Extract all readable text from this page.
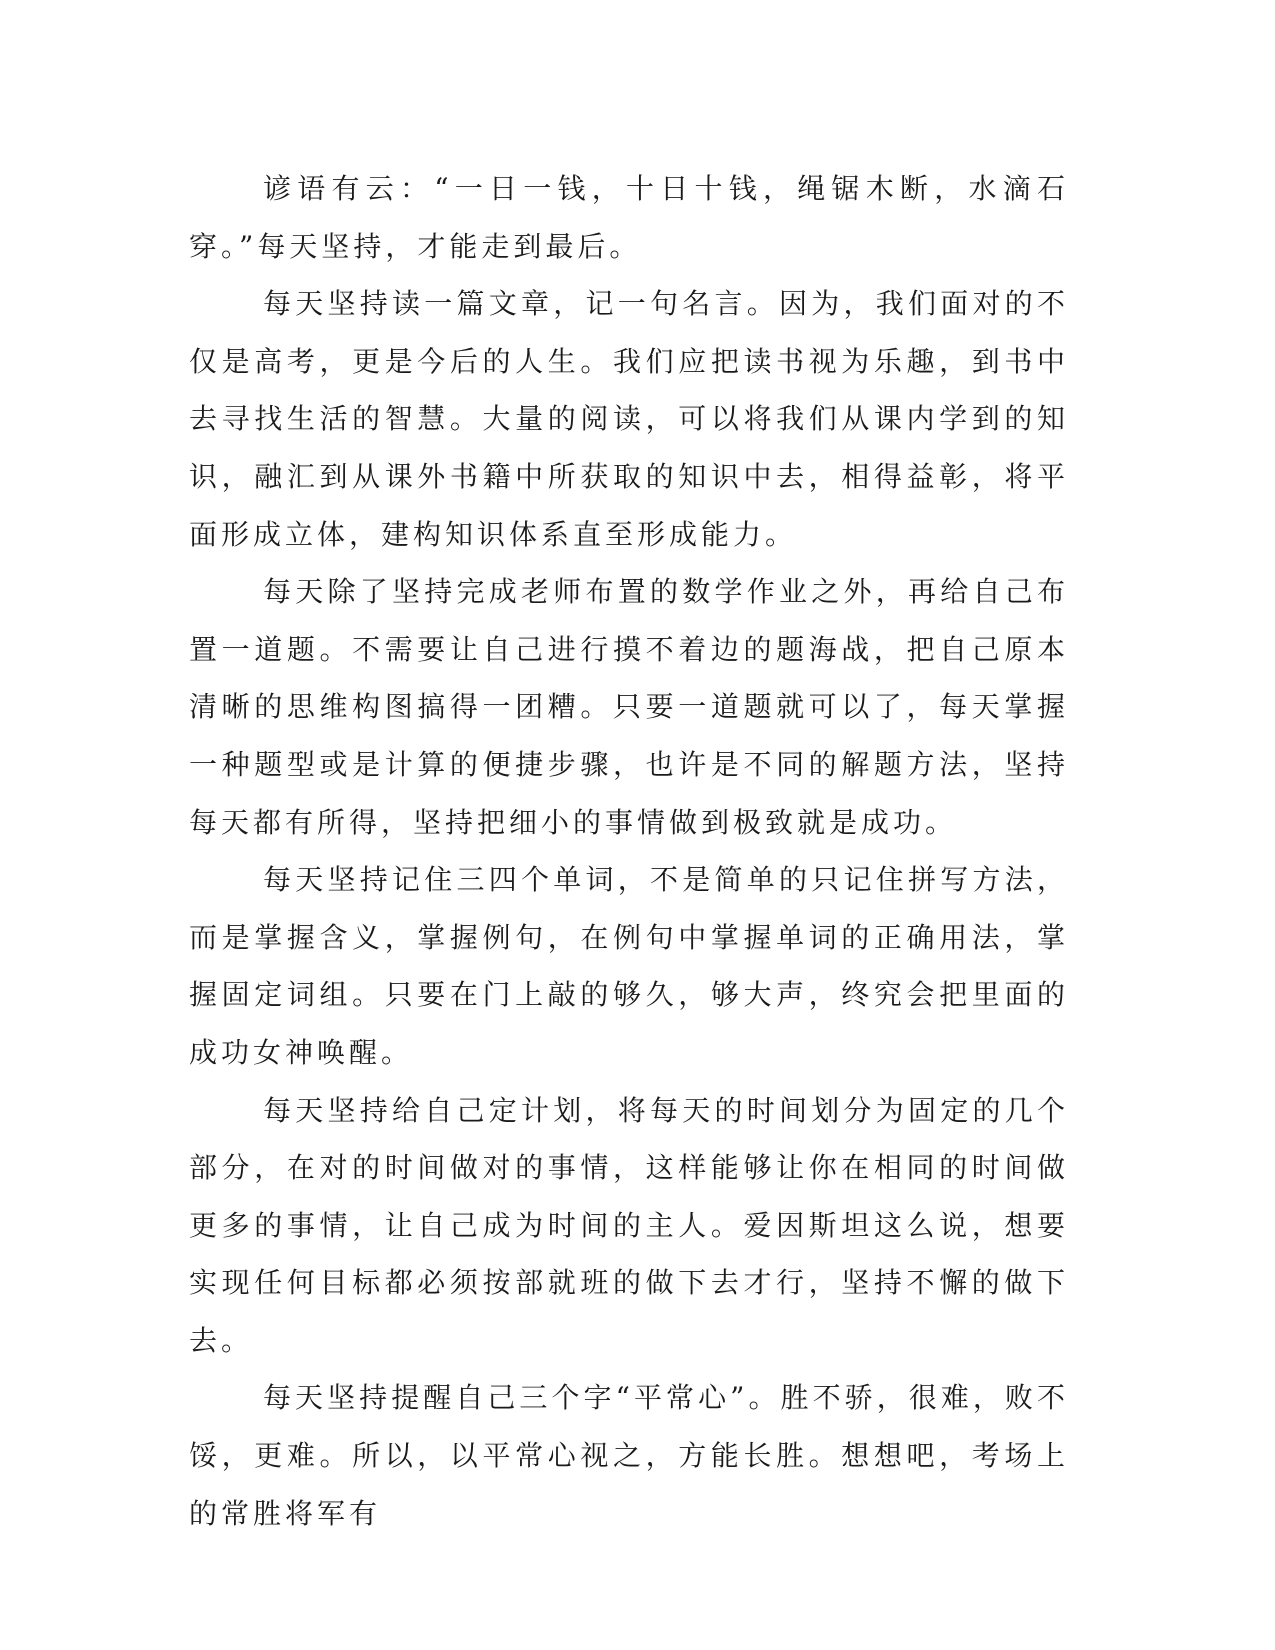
谚语有云：“一日一钱，十日十钱，绳锯木断，水滴石穿。”每天坚持，才能走到最后。

每天坚持读一篇文章，记一句名言。因为，我们面对的不仅是高考，更是今后的人生。我们应把读书视为乐趣，到书中去寻找生活的智慧。大量的阅读，可以将我们从课内学到的知识，融汇到从课外书籍中所获取的知识中去，相得益彰，将平面形成立体，建构知识体系直至形成能力。

每天除了坚持完成老师布置的数学作业之外，再给自己布置一道题。不需要让自己进行摸不着边的题海战，把自己原本清晰的思维构图搞得一团糟。只要一道题就可以了，每天掌握一种题型或是计算的便捷步骤，也许是不同的解题方法，坚持每天都有所得，坚持把细小的事情做到极致就是成功。

每天坚持记住三四个单词，不是简单的只记住拼写方法，而是掌握含义，掌握例句，在例句中掌握单词的正确用法，掌握固定词组。只要在门上敲的够久，够大声，终究会把里面的成功女神唤醒。

每天坚持给自己定计划，将每天的时间划分为固定的几个部分，在对的时间做对的事情，这样能够让你在相同的时间做更多的事情，让自己成为时间的主人。爱因斯坦这么说，想要实现任何目标都必须按部就班的做下去才行，坚持不懈的做下去。

每天坚持提醒自己三个字“平常心”。胜不骄，很难，败不馁，更难。所以，以平常心视之，方能长胜。想想吧，考场上的常胜将军有
